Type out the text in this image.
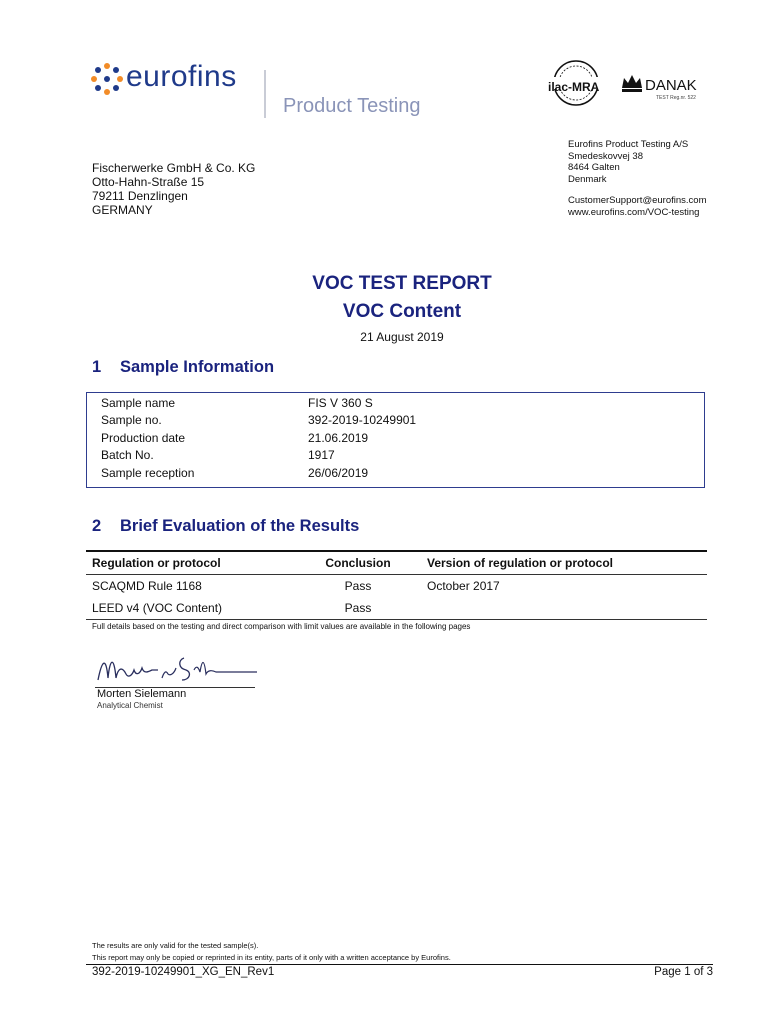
eurofins
Product Testing
ilac-MRA	DANAK
TEST Reg.nr. 522
Eurofins Product Testing A/S
Smedeskovvej 38
8464 Galten
Denmark
CustomerSupport@eurofins.com
www.eurofins.com/VOC-testing
Fischerwerke GmbH & Co. KG
Otto-Hahn-Straße 15
79211 Denzlingen
GERMANY
VOC TEST REPORT
VOC Content
21 August 2019
1 Sample Information
Sample name	FIS V 360 S
Sample no.	392-2019-10249901
Production date	21.06.2019
Batch No.	1917
Sample reception	26/06/2019
2 Brief Evaluation of the Results
Regulation or protocol	Conclusion	Version of regulation or protocol
SCAQMD Rule 1168	Pass	October 2017
LEED v4 (VOC Content)	Pass
Full details based on the testing and direct comparison with limit values are available in the following pages
Morten Sielemann
Analytical Chemist
The results are only valid for the tested sample(s).
This report may only be copied or reprinted in its entity, parts of it only with a written acceptance by Eurofins.
392-2019-10249901_XG_EN_Rev1	Page 1 of 3
